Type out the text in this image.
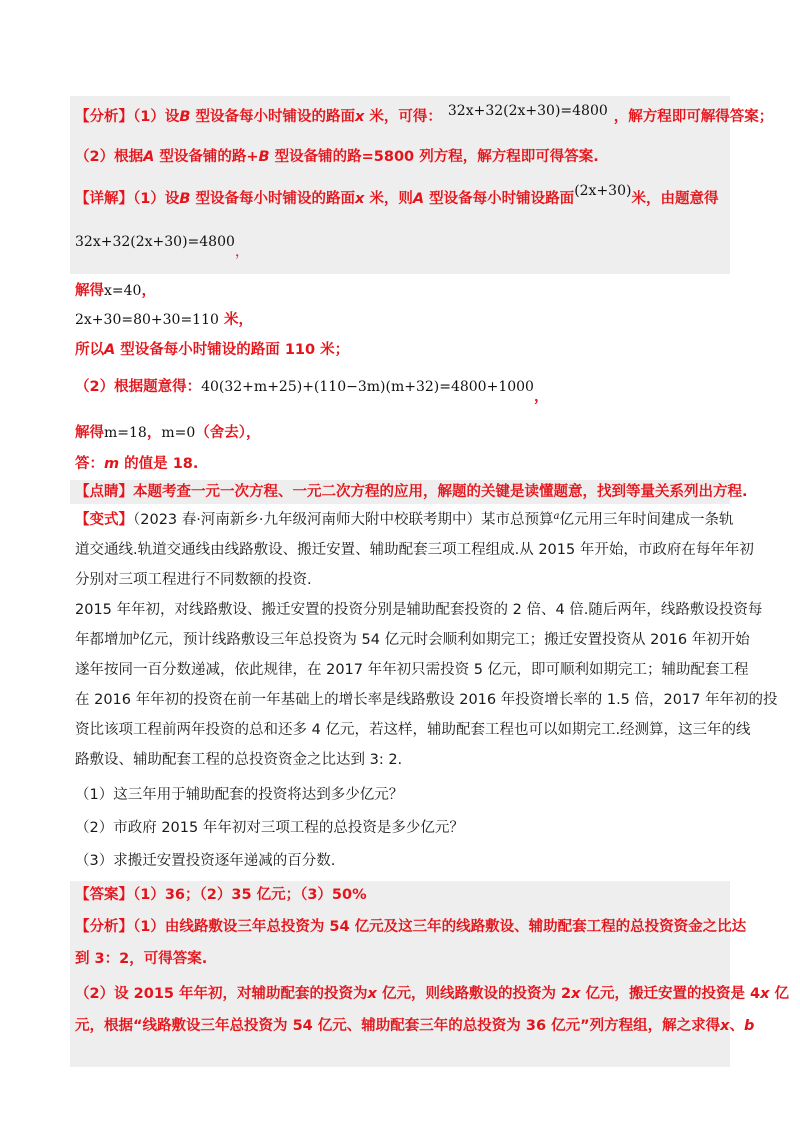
【分析】（1）设B 型设备每小时铺设的路面x 米，可得： 32x+32(2x+30)=4800 ，解方程即可解得答案；
（2）根据A 型设备铺的路+B 型设备铺的路=5800 列方程，解方程即可得答案.
【详解】（1）设B 型设备每小时铺设的路面x 米，则A 型设备每小时铺设路面(2x+30)米，由题意得
32x+32(2x+30)=4800，
解得x=40，
2x+30=80+30=110 米，
所以A 型设备每小时铺设的路面 110 米；
（2）根据题意得：40(32+m+25)+(110−3m)(m+32)=4800+1000，
解得m=18，m=0（舍去），
答：m 的值是 18.
【点睛】本题考查一元一次方程、一元二次方程的应用，解题的关键是读懂题意，找到等量关系列出方程.
【变式】（2023 春·河南新乡·九年级河南师大附中校联考期中）某市总预算$^a$亿元用三年时间建成一条轨
道交通线.轨道交通线由线路敷设、搬迁安置、辅助配套三项工程组成.从 2015 年开始，市政府在每年年初
分别对三项工程进行不同数额的投资.
2015 年年初，对线路敷设、搬迁安置的投资分别是辅助配套投资的 2 倍、4 倍.随后两年，线路敷设投资每
年都增加$^b$亿元，预计线路敷设三年总投资为 54 亿元时会顺利如期完工；搬迁安置投资从 2016 年初开始
遂年按同一百分数递减，依此规律，在 2017 年年初只需投资 5 亿元，即可顺利如期完工；辅助配套工程
在 2016 年年初的投资在前一年基础上的增长率是线路敷设 2016 年投资增长率的 1.5 倍，2017 年年初的投
资比该项工程前两年投资的总和还多 4 亿元，若这样，辅助配套工程也可以如期完工.经测算，这三年的线
路敷设、辅助配套工程的总投资资金之比达到 3: 2.
（1）这三年用于辅助配套的投资将达到多少亿元？
（2）市政府 2015 年年初对三项工程的总投资是多少亿元？
（3）求搬迁安置投资逐年递减的百分数.
【答案】（1）36；（2）35 亿元；（3）50%
【分析】（1）由线路敷设三年总投资为 54 亿元及这三年的线路敷设、辅助配套工程的总投资资金之比达
到 3：2，可得答案.
（2）设 2015 年年初，对辅助配套的投资为x 亿元，则线路敷设的投资为 2x 亿元，搬迁安置的投资是 4x 亿
元，根据“线路敷设三年总投资为 54 亿元、辅助配套三年的总投资为 36 亿元”列方程组，解之求得x、b
